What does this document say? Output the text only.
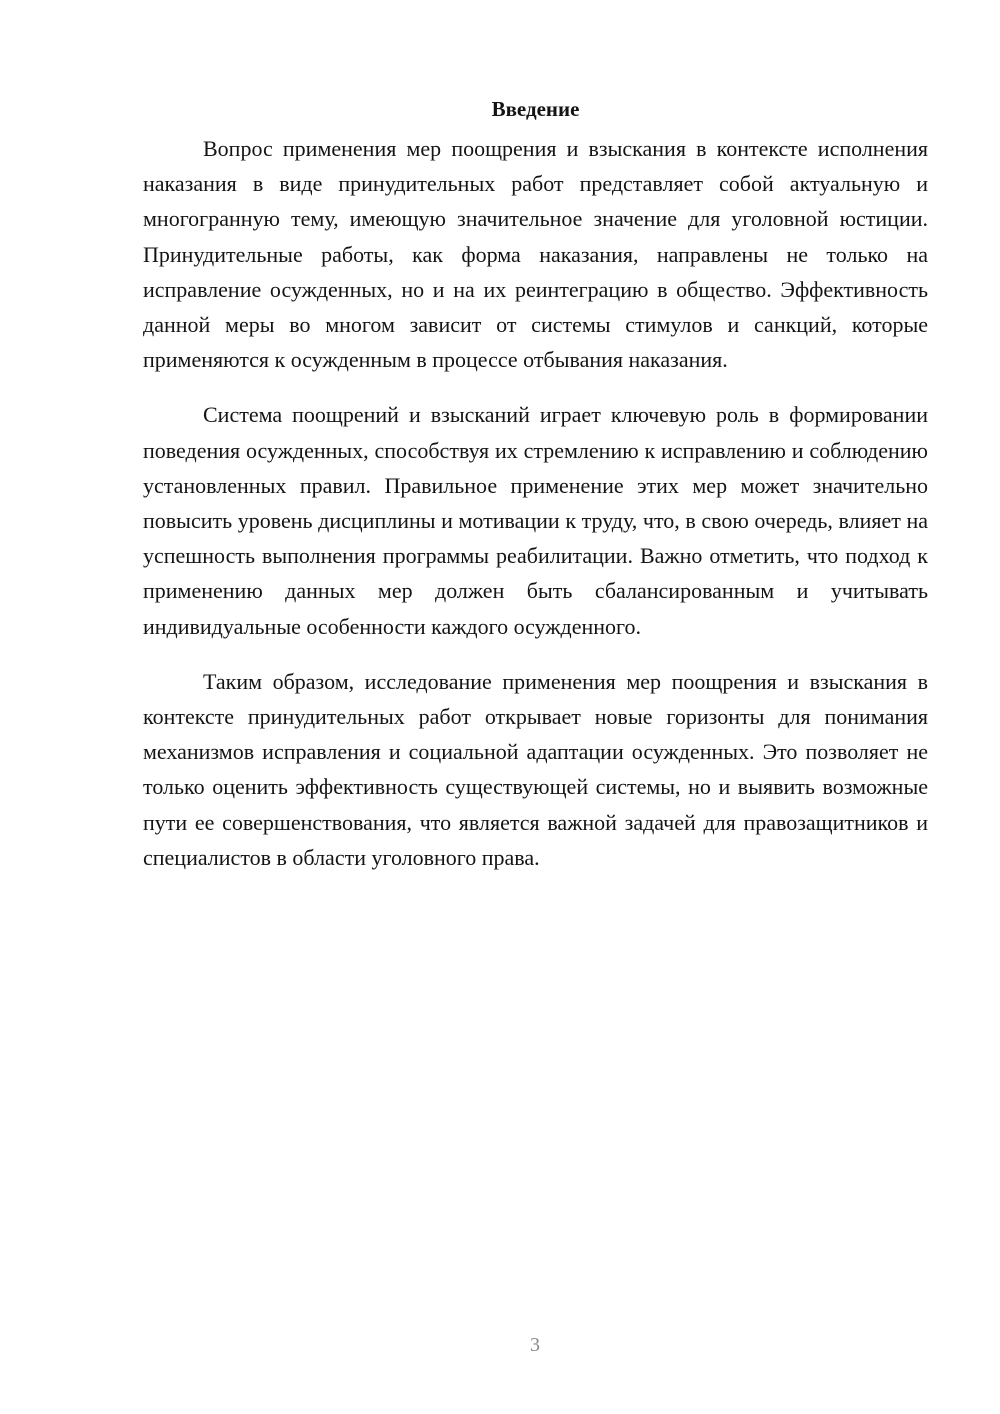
Введение

Вопрос применения мер поощрения и взыскания в контексте исполнения наказания в виде принудительных работ представляет собой актуальную и многогранную тему, имеющую значительное значение для уголовной юстиции. Принудительные работы, как форма наказания, направлены не только на исправление осужденных, но и на их реинтеграцию в общество. Эффективность данной меры во многом зависит от системы стимулов и санкций, которые применяются к осужденным в процессе отбывания наказания.

Система поощрений и взысканий играет ключевую роль в формировании поведения осужденных, способствуя их стремлению к исправлению и соблюдению установленных правил. Правильное применение этих мер может значительно повысить уровень дисциплины и мотивации к труду, что, в свою очередь, влияет на успешность выполнения программы реабилитации. Важно отметить, что подход к применению данных мер должен быть сбалансированным и учитывать индивидуальные особенности каждого осужденного.

Таким образом, исследование применения мер поощрения и взыскания в контексте принудительных работ открывает новые горизонты для понимания механизмов исправления и социальной адаптации осужденных. Это позволяет не только оценить эффективность существующей системы, но и выявить возможные пути ее совершенствования, что является важной задачей для правозащитников и специалистов в области уголовного права.

3
